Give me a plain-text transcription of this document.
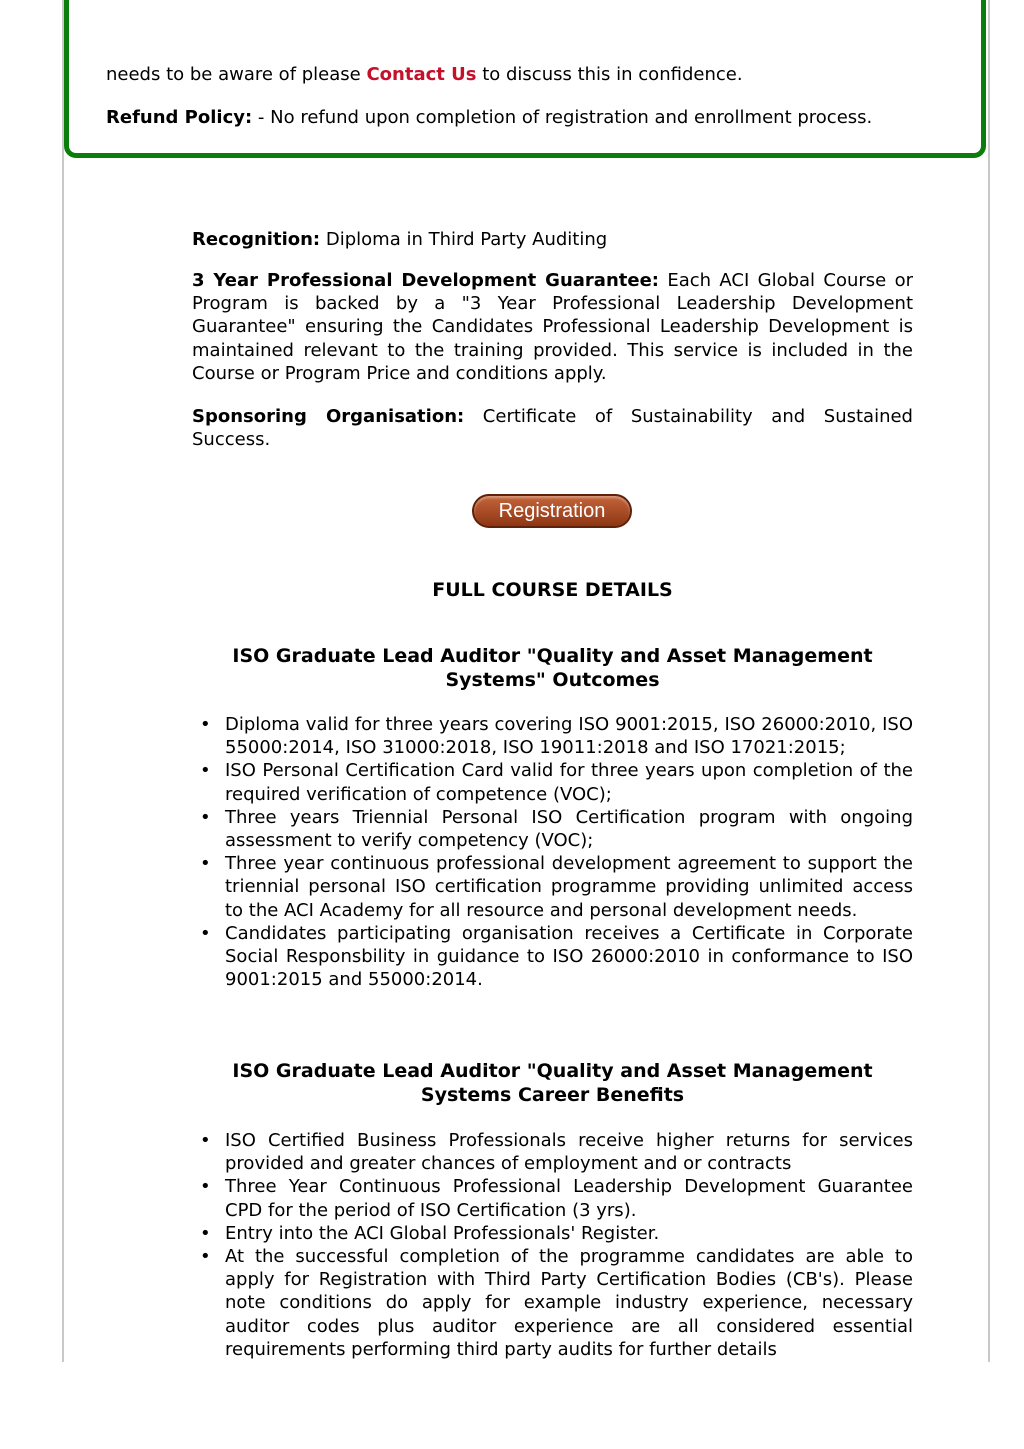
needs to be aware of please Contact Us to discuss this in confidence.

Refund Policy: - No refund upon completion of registration and enrollment process.

Recognition: Diploma in Third Party Auditing

3 Year Professional Development Guarantee: Each ACI Global Course or Program is backed by a "3 Year Professional Leadership Development Guarantee" ensuring the Candidates Professional Leadership Development is maintained relevant to the training provided. This service is included in the Course or Program Price and conditions apply.

Sponsoring Organisation: Certificate of Sustainability and Sustained Success.

Registration
FULL COURSE DETAILS
ISO Graduate Lead Auditor "Quality and Asset Management Systems" Outcomes
• Diploma valid for three years covering ISO 9001:2015, ISO 26000:2010, ISO 55000:2014, ISO 31000:2018, ISO 19011:2018 and ISO 17021:2015;
• ISO Personal Certification Card valid for three years upon completion of the required verification of competence (VOC);
• Three years Triennial Personal ISO Certification program with ongoing assessment to verify competency (VOC);
• Three year continuous professional development agreement to support the triennial personal ISO certification programme providing unlimited access to the ACI Academy for all resource and personal development needs.
• Candidates participating organisation receives a Certificate in Corporate Social Responsbility in guidance to ISO 26000:2010 in conformance to ISO 9001:2015 and 55000:2014.
ISO Graduate Lead Auditor "Quality and Asset Management Systems Career Benefits
• ISO Certified Business Professionals receive higher returns for services provided and greater chances of employment and or contracts
• Three Year Continuous Professional Leadership Development Guarantee CPD for the period of ISO Certification (3 yrs).
• Entry into the ACI Global Professionals' Register.
• At the successful completion of the programme candidates are able to apply for Registration with Third Party Certification Bodies (CB's). Please note conditions do apply for example industry experience, necessary auditor codes plus auditor experience are all considered essential requirements performing third party audits for further details
